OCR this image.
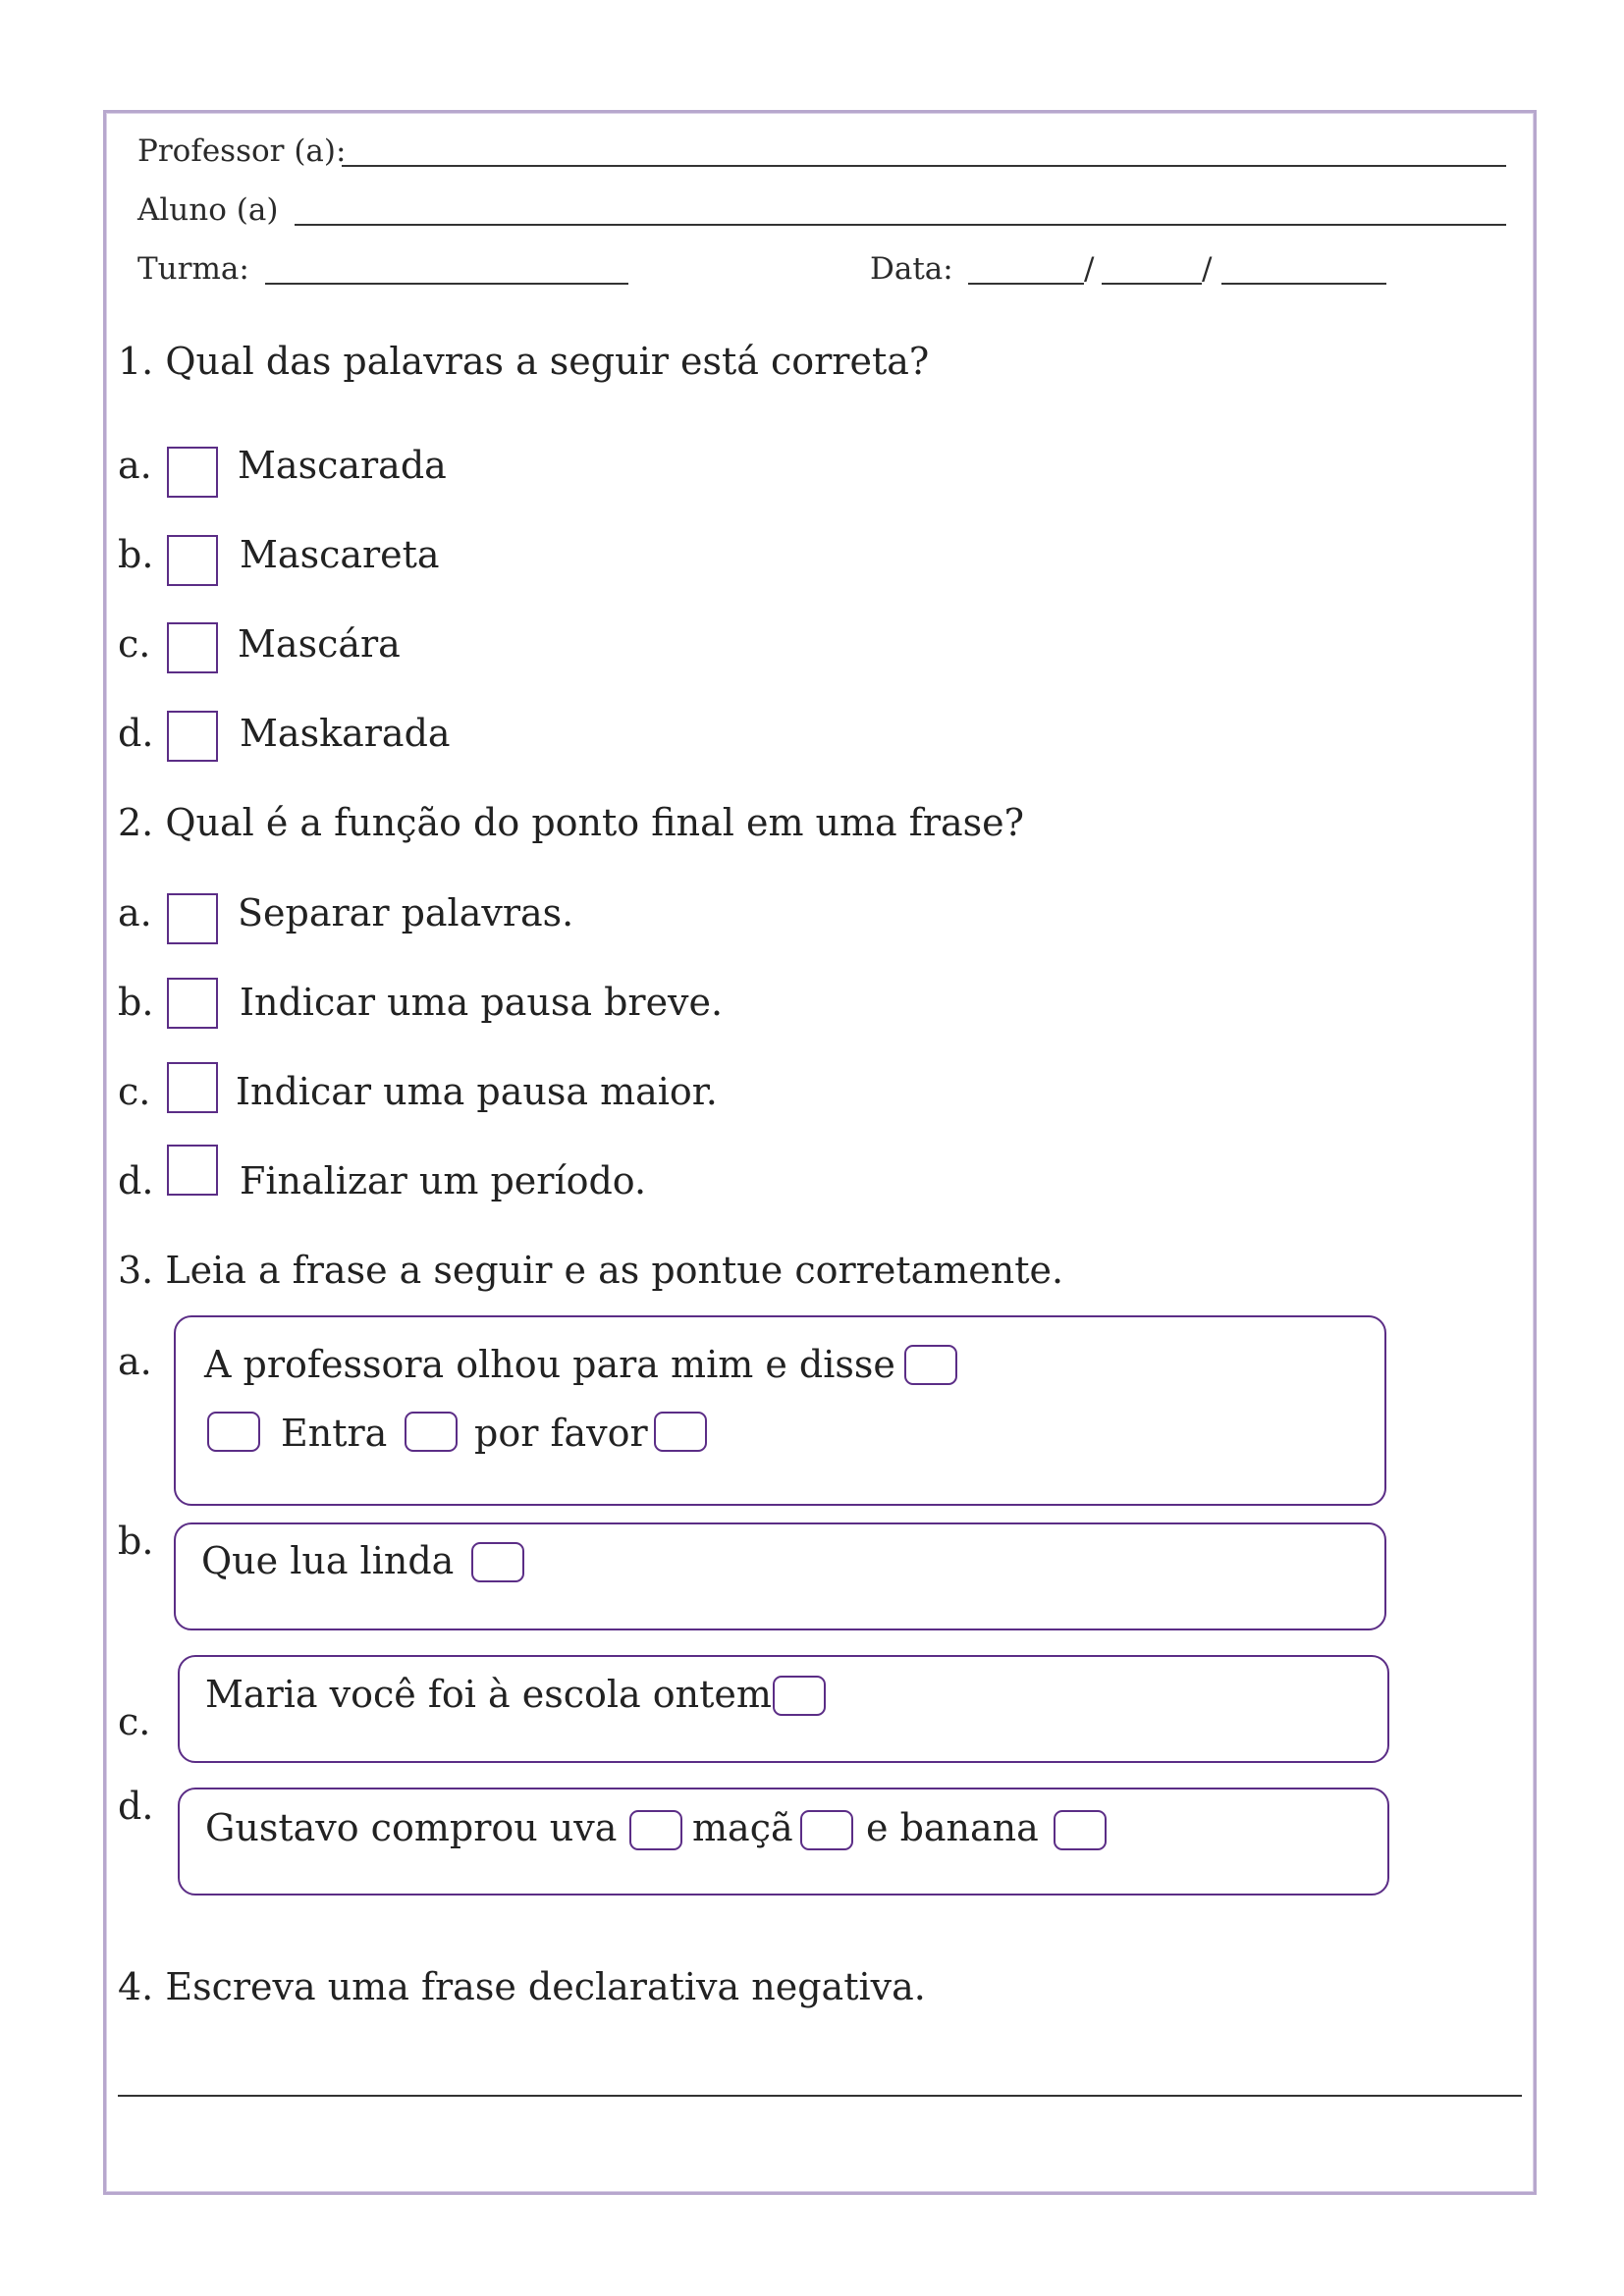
Professor (a):
Aluno (a)
Turma:	Data:	/	/
1. Qual das palavras a seguir está correta?
a. Mascarada
b. Mascareta
c. Mascára
d. Maskarada
2. Qual é a função do ponto final em uma frase?
a. Separar palavras.
b. Indicar uma pausa breve.
c. Indicar uma pausa maior.
d. Finalizar um período.
3. Leia a frase a seguir e as pontue corretamente.
a. A professora olhou para mim e disse
Entra por favor
b. Que lua linda
c.
Maria você foi à escola ontem
d. Gustavo comprou uva maçã e banana
4. Escreva uma frase declarativa negativa.
